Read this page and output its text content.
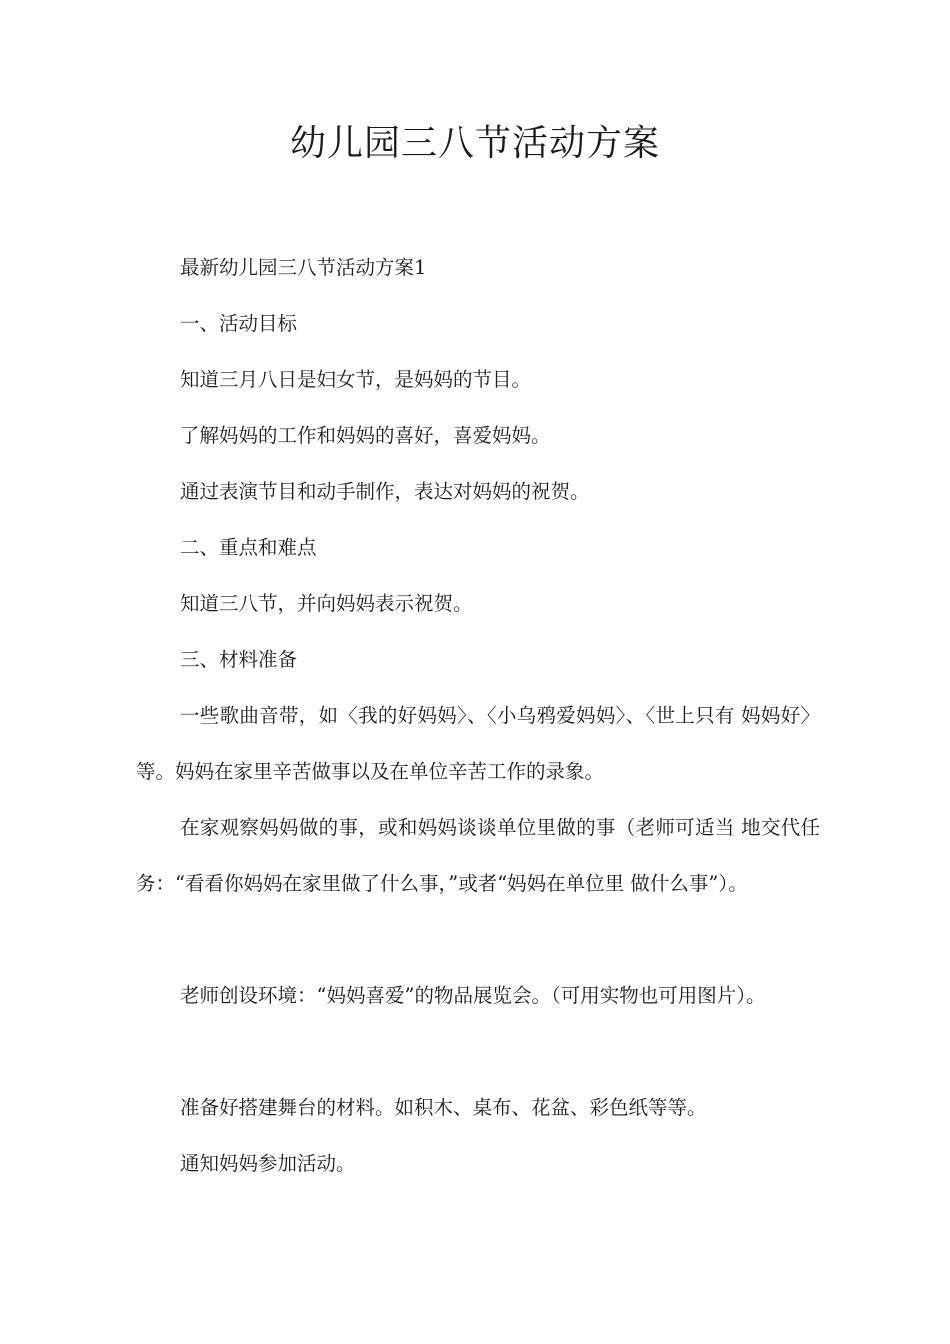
幼儿园三八节活动方案

最新幼儿园三八节活动方案1

一、活动目标

知道三月八日是妇女节，是妈妈的节目。

了解妈妈的工作和妈妈的喜好，喜爱妈妈。

通过表演节目和动手制作，表达对妈妈的祝贺。

二、重点和难点

知道三八节，并向妈妈表示祝贺。

三、材料准备

一些歌曲音带，如〈我的好妈妈〉、〈小乌鸦爱妈妈〉、〈世上只有 妈妈好〉等。妈妈在家里辛苦做事以及在单位辛苦工作的录象。

在家观察妈妈做的事，或和妈妈谈谈单位里做的事（老师可适当 地交代任务：“看看你妈妈在家里做了什么事，”或者“妈妈在单位里 做什么事”）。

老师创设环境：“妈妈喜爱”的物品展览会。（可用实物也可用图片）。

准备好搭建舞台的材料。如积木、桌布、花盆、彩色纸等等。

通知妈妈参加活动。
